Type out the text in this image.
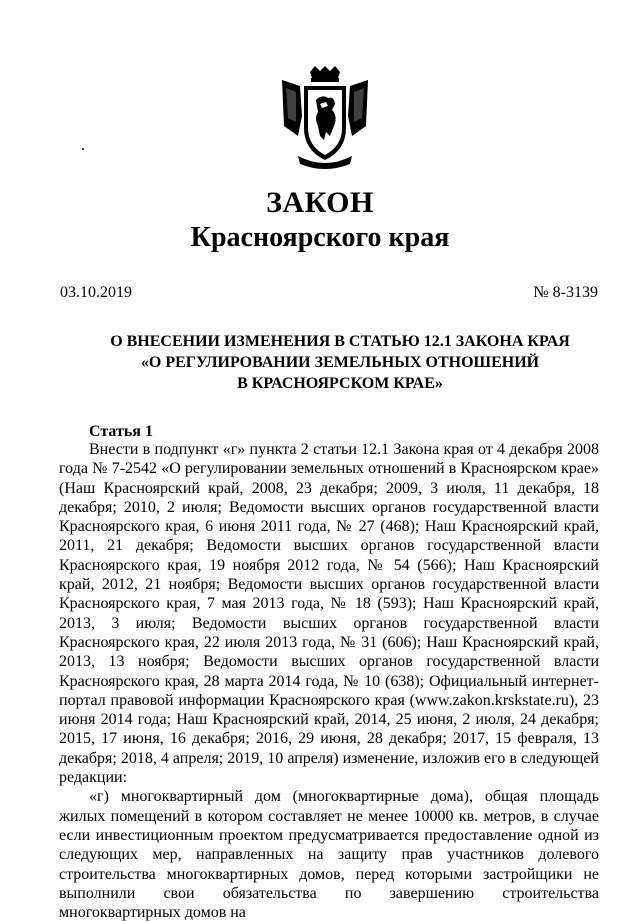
ЗАКОН
Красноярского края
03.10.2019	№ 8-3139
О ВНЕСЕНИИ ИЗМЕНЕНИЯ В СТАТЬЮ 12.1 ЗАКОНА КРАЯ
«О РЕГУЛИРОВАНИИ ЗЕМЕЛЬНЫХ ОТНОШЕНИЙ
В КРАСНОЯРСКОМ КРАЕ»
Статья 1

Внести в подпункт «г» пункта 2 статьи 12.1 Закона края от 4 декабря 2008 года № 7-2542 «О регулировании земельных отношений в Красноярском крае» (Наш Красноярский край, 2008, 23 декабря; 2009, 3 июля, 11 декабря, 18 декабря; 2010, 2 июля; Ведомости высших органов государственной власти Красноярского края, 6 июня 2011 года, № 27 (468); Наш Красноярский край, 2011, 21 декабря; Ведомости высших органов государственной власти Красноярского края, 19 ноября 2012 года, № 54 (566); Наш Красноярский край, 2012, 21 ноября; Ведомости высших органов государственной власти Красноярского края, 7 мая 2013 года, № 18 (593); Наш Красноярский край, 2013, 3 июля; Ведомости высших органов государственной власти Красноярского края, 22 июля 2013 года, № 31 (606); Наш Красноярский край, 2013, 13 ноября; Ведомости высших органов государственной власти Красноярского края, 28 марта 2014 года, № 10 (638); Официальный интернет-портал правовой информации Красноярского края (www.zakon.krskstate.ru), 23 июня 2014 года; Наш Красноярский край, 2014, 25 июня, 2 июля, 24 декабря; 2015, 17 июня, 16 декабря; 2016, 29 июня, 28 декабря; 2017, 15 февраля, 13 декабря; 2018, 4 апреля; 2019, 10 апреля) изменение, изложив его в следующей редакции:

«г) многоквартирный дом (многоквартирные дома), общая площадь жилых помещений в котором составляет не менее 10000 кв. метров, в случае если инвестиционным проектом предусматривается предоставление одной из следующих мер, направленных на защиту прав участников долевого строительства многоквартирных домов, перед которыми застройщики не выполнили свои обязательства по завершению строительства многоквартирных домов на
